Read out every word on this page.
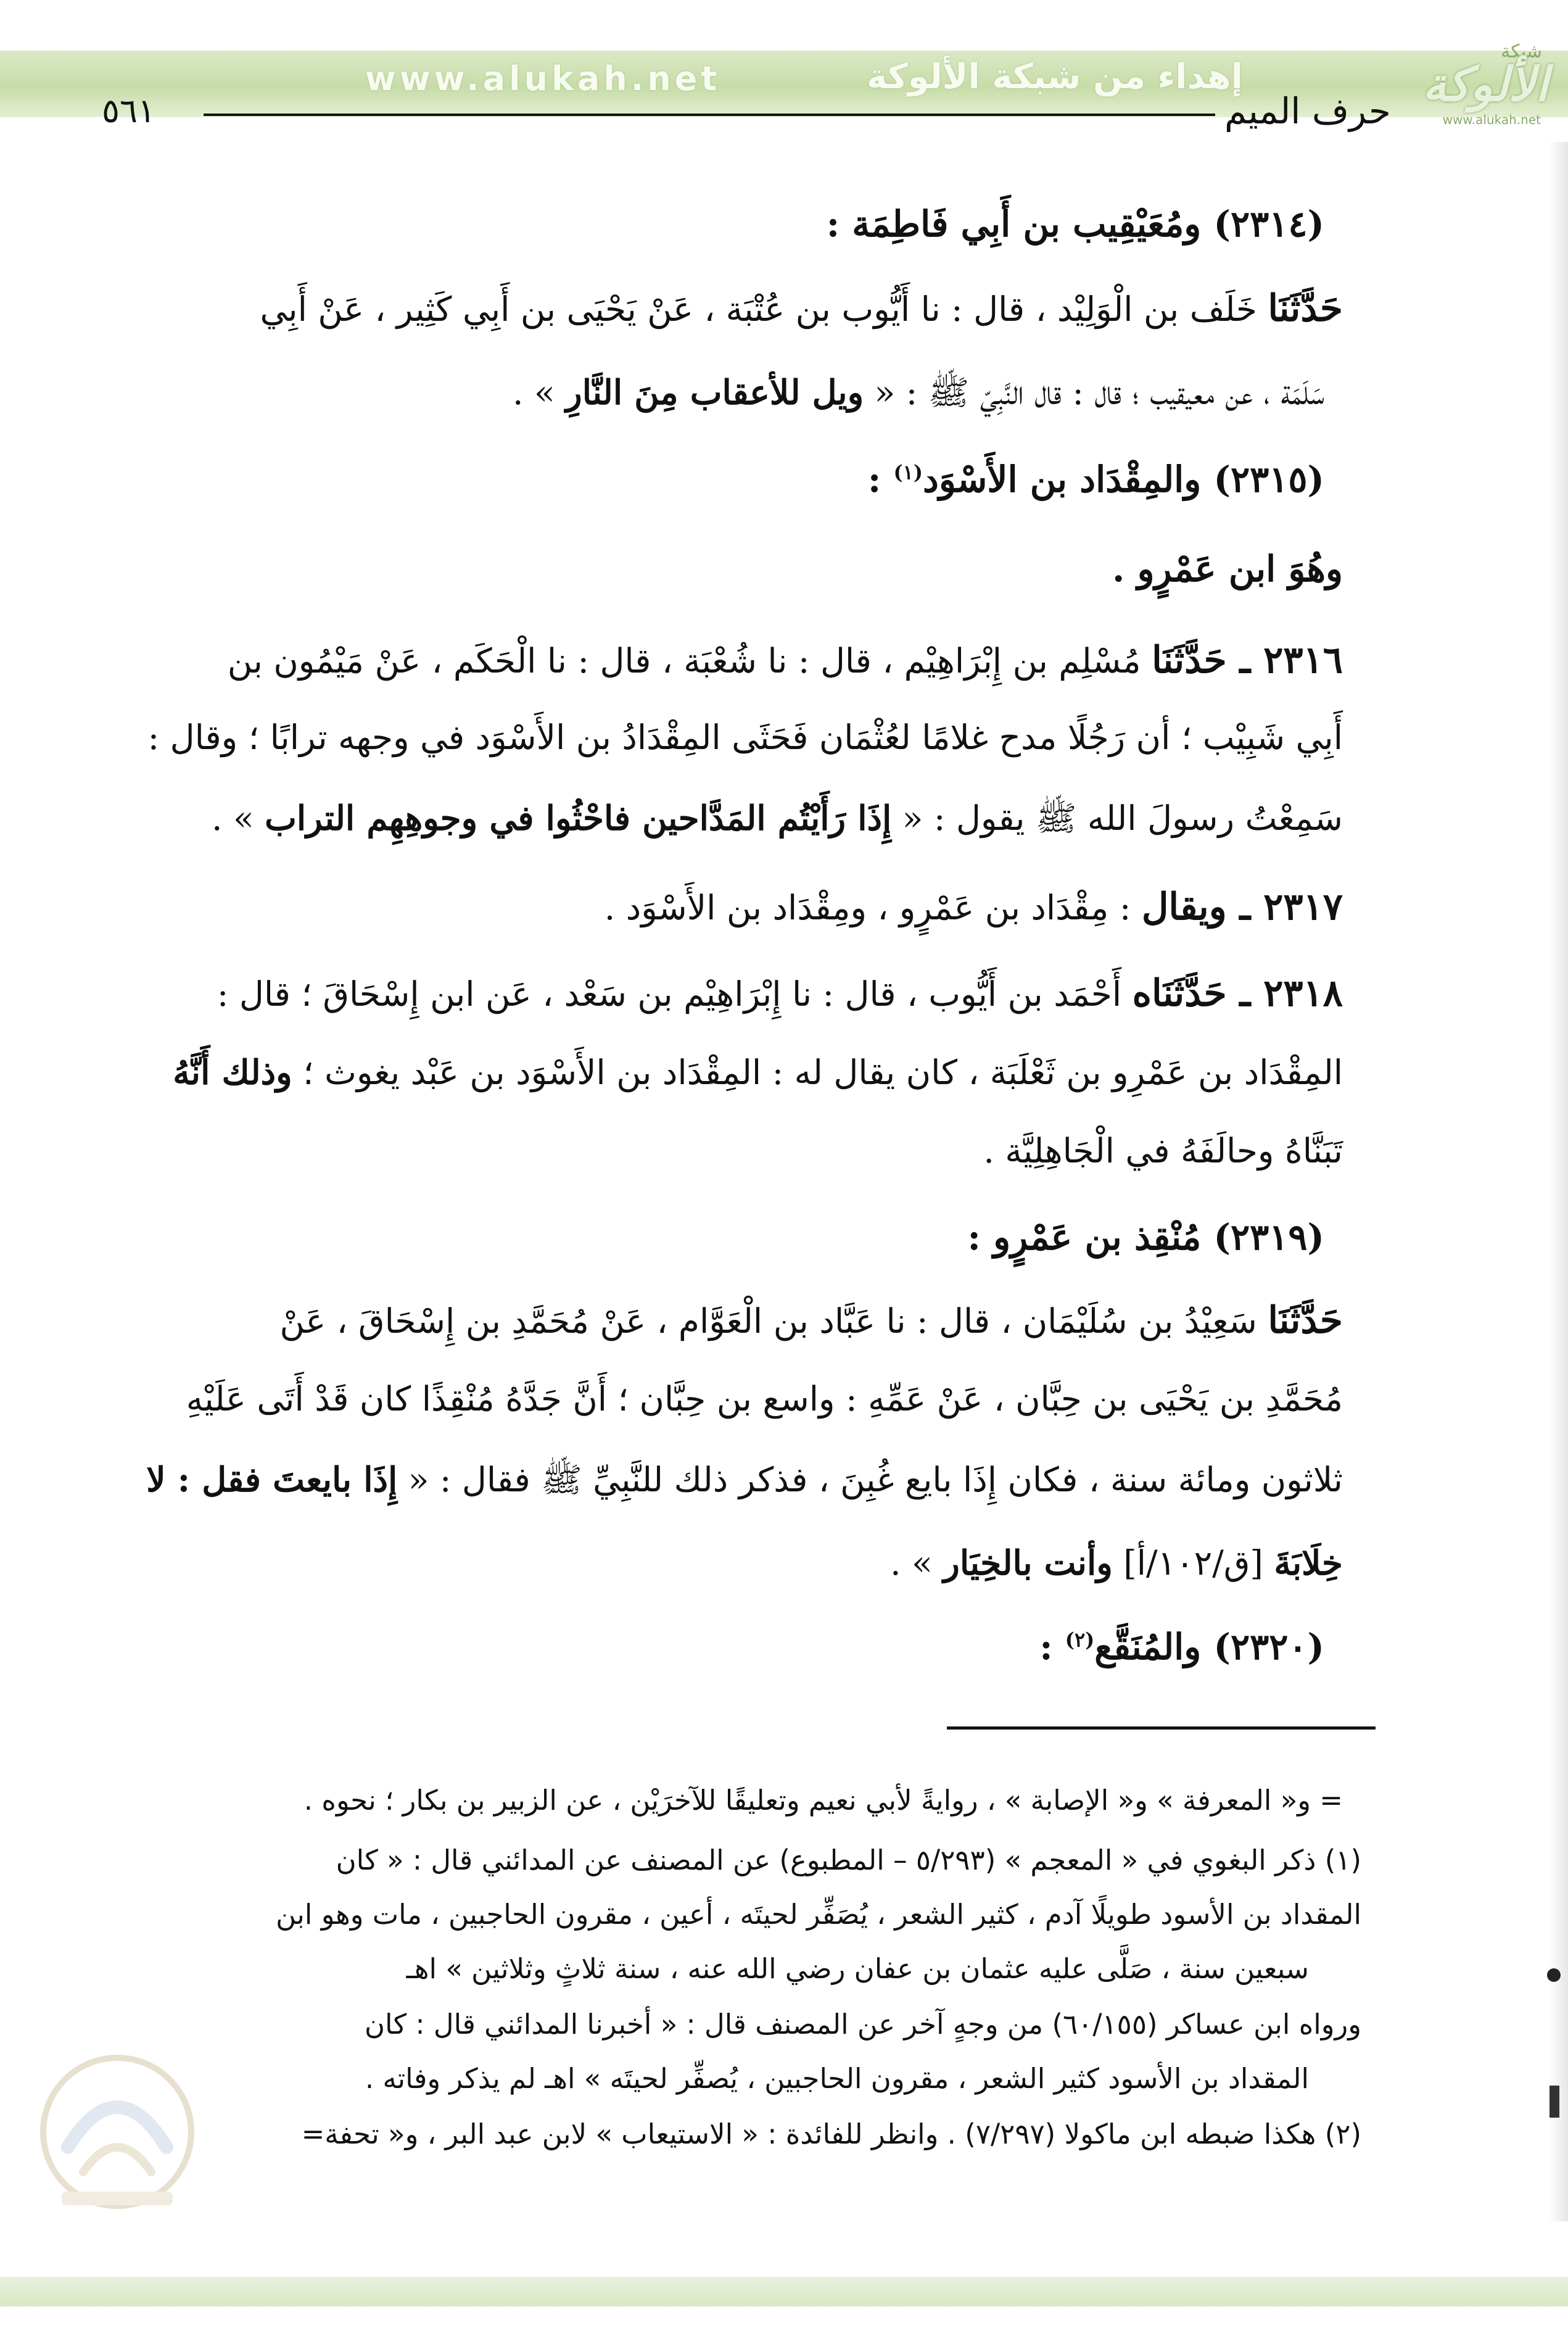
www.alukah.net	إهداء من شبكة الألوكة
شبكة
الألوكة
www.alukah.net
٥٦١	حرف الميم
(٢٣١٤) ومُعَيْقِيب بن أَبِي فَاطِمَة :
حَدَّثَنَا خَلَف بن الْوَلِيْد ، قال : نا أَيُّوب بن عُتْبَة ، عَنْ يَحْيَى بن أَبِي كَثِير ، عَنْ أَبِي
سَلَمَة ، عن معيقيب ؛ قال : قال النَّبِيّ ﷺ : « ويل للأعقاب مِنَ النَّارِ » .
(٢٣١٥) والمِقْدَاد بن الأَسْوَد$^{(١)}$ :
وهُوَ ابن عَمْرٍو .
٢٣١٦ ـ حَدَّثَنَا مُسْلِم بن إِبْرَاهِيْم ، قال : نا شُعْبَة ، قال : نا الْحَكَم ، عَنْ مَيْمُون بن
أَبِي شَبِيْب ؛ أن رَجُلًا مدح غلامًا لعُثْمَان فَحَثَى المِقْدَادُ بن الأَسْوَد في وجهه ترابًا ؛ وقال :
سَمِعْتُ رسولَ الله ﷺ يقول : « إِذَا رَأَيْتُم المَدَّاحين فاحْثُوا في وجوهِهِم التراب » .
٢٣١٧ ـ ويقال : مِقْدَاد بن عَمْرٍو ، ومِقْدَاد بن الأَسْوَد .
٢٣١٨ ـ حَدَّثَنَاه أَحْمَد بن أَيُّوب ، قال : نا إِبْرَاهِيْم بن سَعْد ، عَن ابن إِسْحَاقَ ؛ قال :
المِقْدَاد بن عَمْرِو بن ثَعْلَبَة ، كان يقال له : المِقْدَاد بن الأَسْوَد بن عَبْد يغوث ؛ وذلك أَنَّهُ
تَبَنَّاهُ وحالَفَهُ في الْجَاهِلِيَّة .
(٢٣١٩) مُنْقِذ بن عَمْرٍو :
حَدَّثَنَا سَعِيْدُ بن سُلَيْمَان ، قال : نا عَبَّاد بن الْعَوَّام ، عَنْ مُحَمَّدِ بن إِسْحَاقَ ، عَنْ
مُحَمَّدِ بن يَحْيَى بن حِبَّان ، عَنْ عَمِّهِ : واسع بن حِبَّان ؛ أَنَّ جَدَّهُ مُنْقِذًا كان قَدْ أَتَى عَلَيْهِ
ثلاثون ومائة سنة ، فكان إِذَا بايع غُبِنَ ، فذكر ذلك للنَّبِيِّ ﷺ فقال : « إِذَا بايعتَ فقل : لا
خِلَابَةَ [ق/١٠٢/أ] وأنت بالخِيَار » .
(٢٣٢٠) والمُنَقَّع$^{(٢)}$ :
= و« المعرفة » و« الإصابة » ، روايةً لأبي نعيم وتعليقًا للآخرَيْن ، عن الزبير بن بكار ؛ نحوه .
(١) ذكر البغوي في « المعجم » (٥/٢٩٣ – المطبوع) عن المصنف عن المدائني قال : « كان
المقداد بن الأسود طويلًا آدم ، كثير الشعر ، يُصَفِّر لحيتَه ، أعين ، مقرون الحاجبين ، مات وهو ابن
سبعين سنة ، صَلَّى عليه عثمان بن عفان رضي الله عنه ، سنة ثلاثٍ وثلاثين » اهـ
ورواه ابن عساكر (٦٠/١٥٥) من وجهٍ آخر عن المصنف قال : « أخبرنا المدائني قال : كان
المقداد بن الأسود كثير الشعر ، مقرون الحاجبين ، يُصفِّر لحيتَه » اهـ لم يذكر وفاته .
(٢) هكذا ضبطه ابن ماكولا (٧/٢٩٧) . وانظر للفائدة : « الاستيعاب » لابن عبد البر ، و« تحفة=
